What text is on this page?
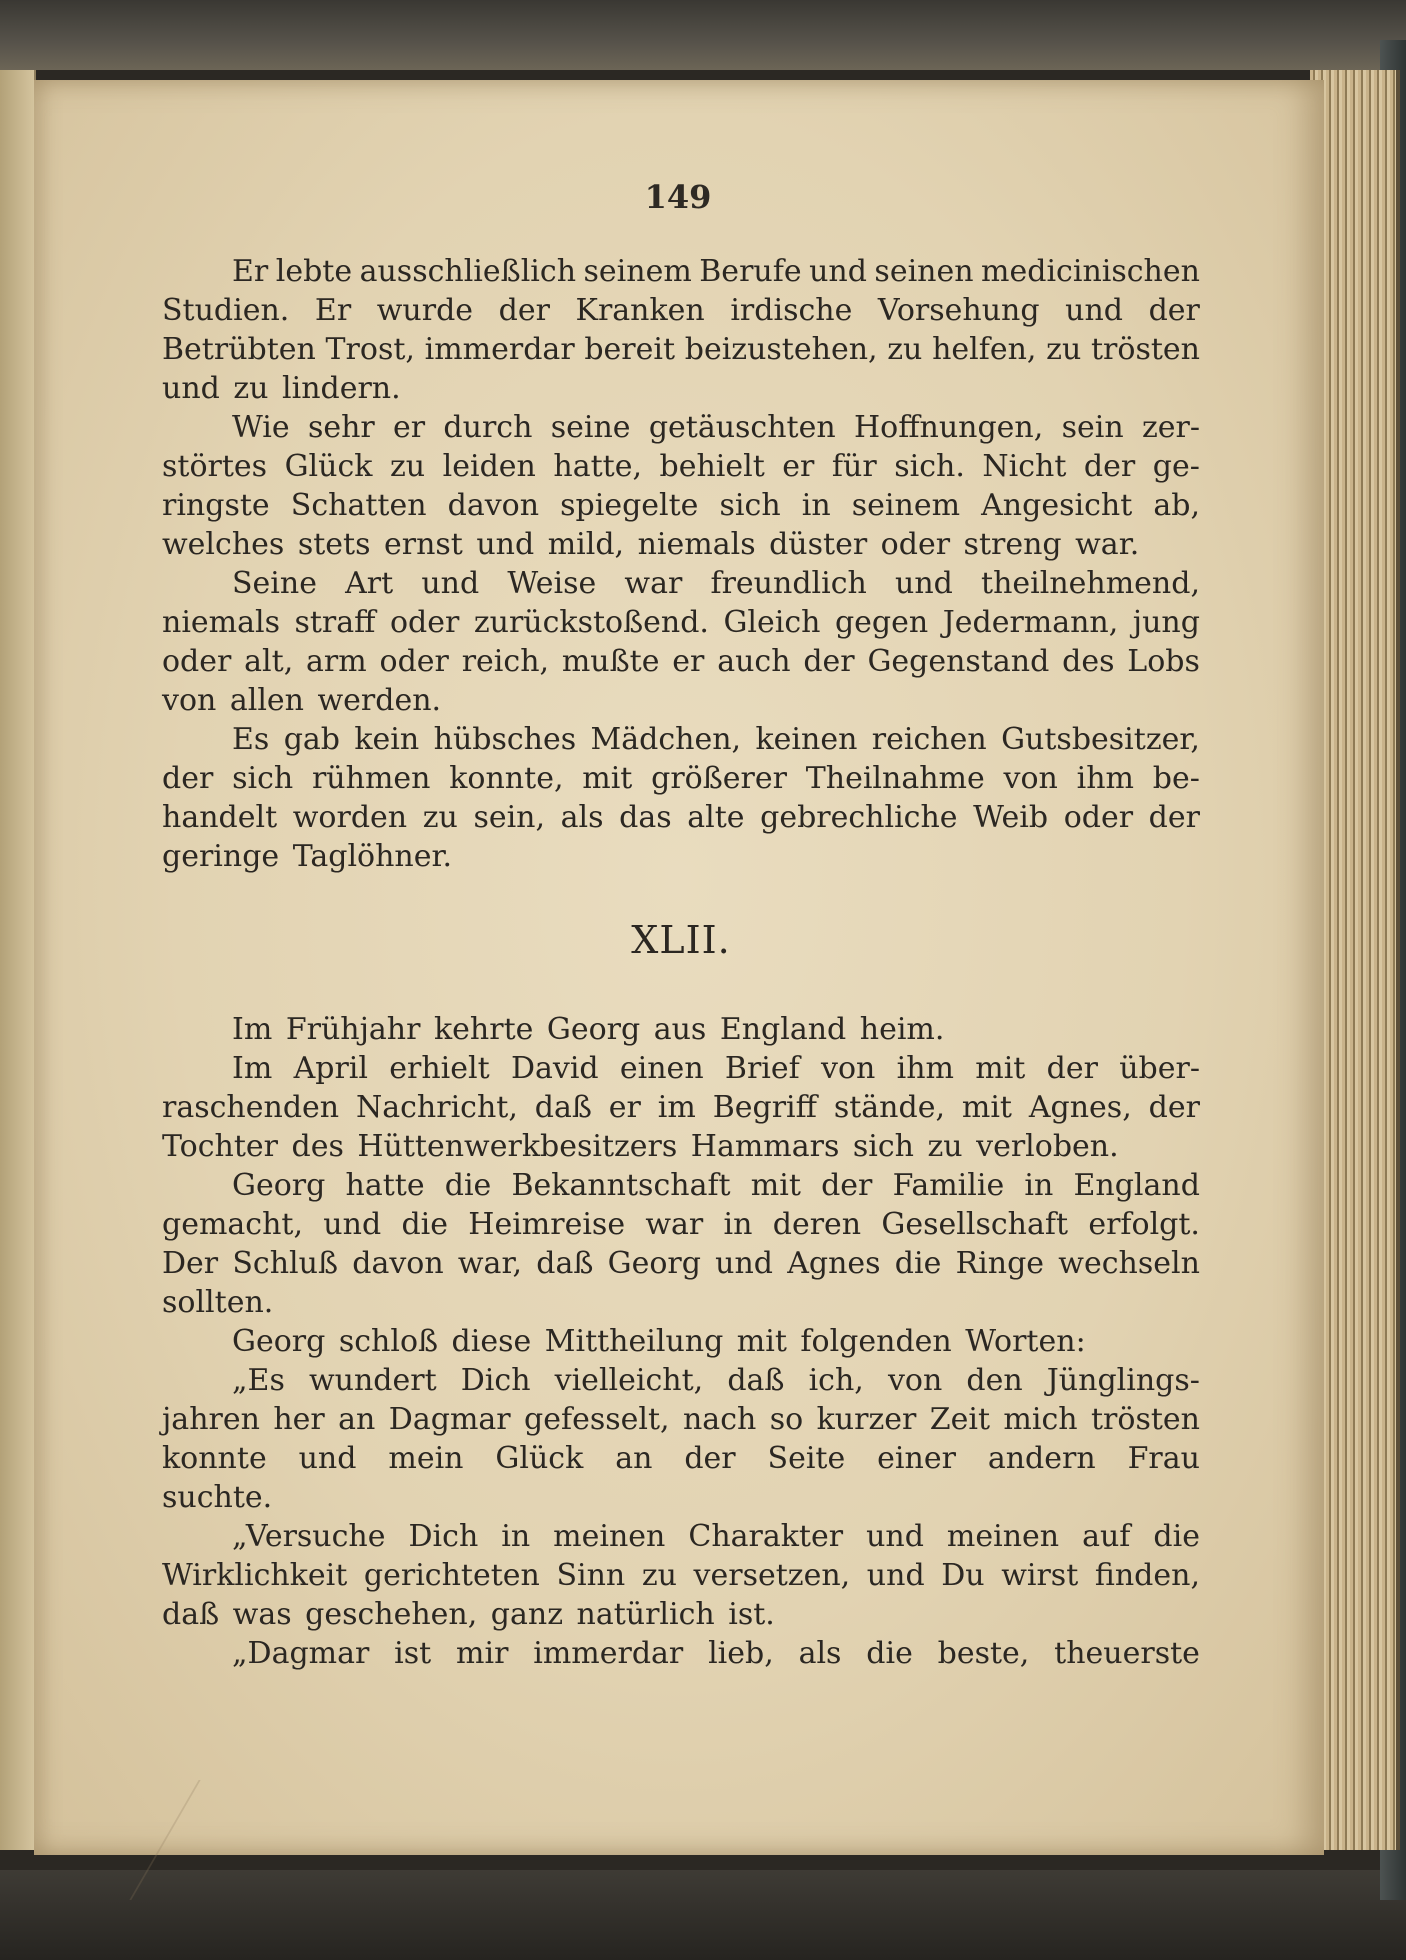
149
Er lebte ausschließlich seinem Berufe und seinen medicinischen
Studien. Er wurde der Kranken irdische Vorsehung und der
Betrübten Trost, immerdar bereit beizustehen, zu helfen, zu trösten
und zu lindern.
Wie sehr er durch seine getäuschten Hoffnungen, sein zer-
störtes Glück zu leiden hatte, behielt er für sich. Nicht der ge-
ringste Schatten davon spiegelte sich in seinem Angesicht ab,
welches stets ernst und mild, niemals düster oder streng war.
Seine Art und Weise war freundlich und theilnehmend,
niemals straff oder zurückstoßend. Gleich gegen Jedermann, jung
oder alt, arm oder reich, mußte er auch der Gegenstand des Lobs
von allen werden.
Es gab kein hübsches Mädchen, keinen reichen Gutsbesitzer,
der sich rühmen konnte, mit größerer Theilnahme von ihm be-
handelt worden zu sein, als das alte gebrechliche Weib oder der
geringe Taglöhner.
XLII.
Im Frühjahr kehrte Georg aus England heim.
Im April erhielt David einen Brief von ihm mit der über-
raschenden Nachricht, daß er im Begriff stände, mit Agnes, der
Tochter des Hüttenwerkbesitzers Hammars sich zu verloben.
Georg hatte die Bekanntschaft mit der Familie in England
gemacht, und die Heimreise war in deren Gesellschaft erfolgt.
Der Schluß davon war, daß Georg und Agnes die Ringe wechseln
sollten.
Georg schloß diese Mittheilung mit folgenden Worten:
„Es wundert Dich vielleicht, daß ich, von den Jünglings-
jahren her an Dagmar gefesselt, nach so kurzer Zeit mich trösten
konnte und mein Glück an der Seite einer andern Frau
suchte.
„Versuche Dich in meinen Charakter und meinen auf die
Wirklichkeit gerichteten Sinn zu versetzen, und Du wirst finden,
daß was geschehen, ganz natürlich ist.
„Dagmar ist mir immerdar lieb, als die beste, theuerste
